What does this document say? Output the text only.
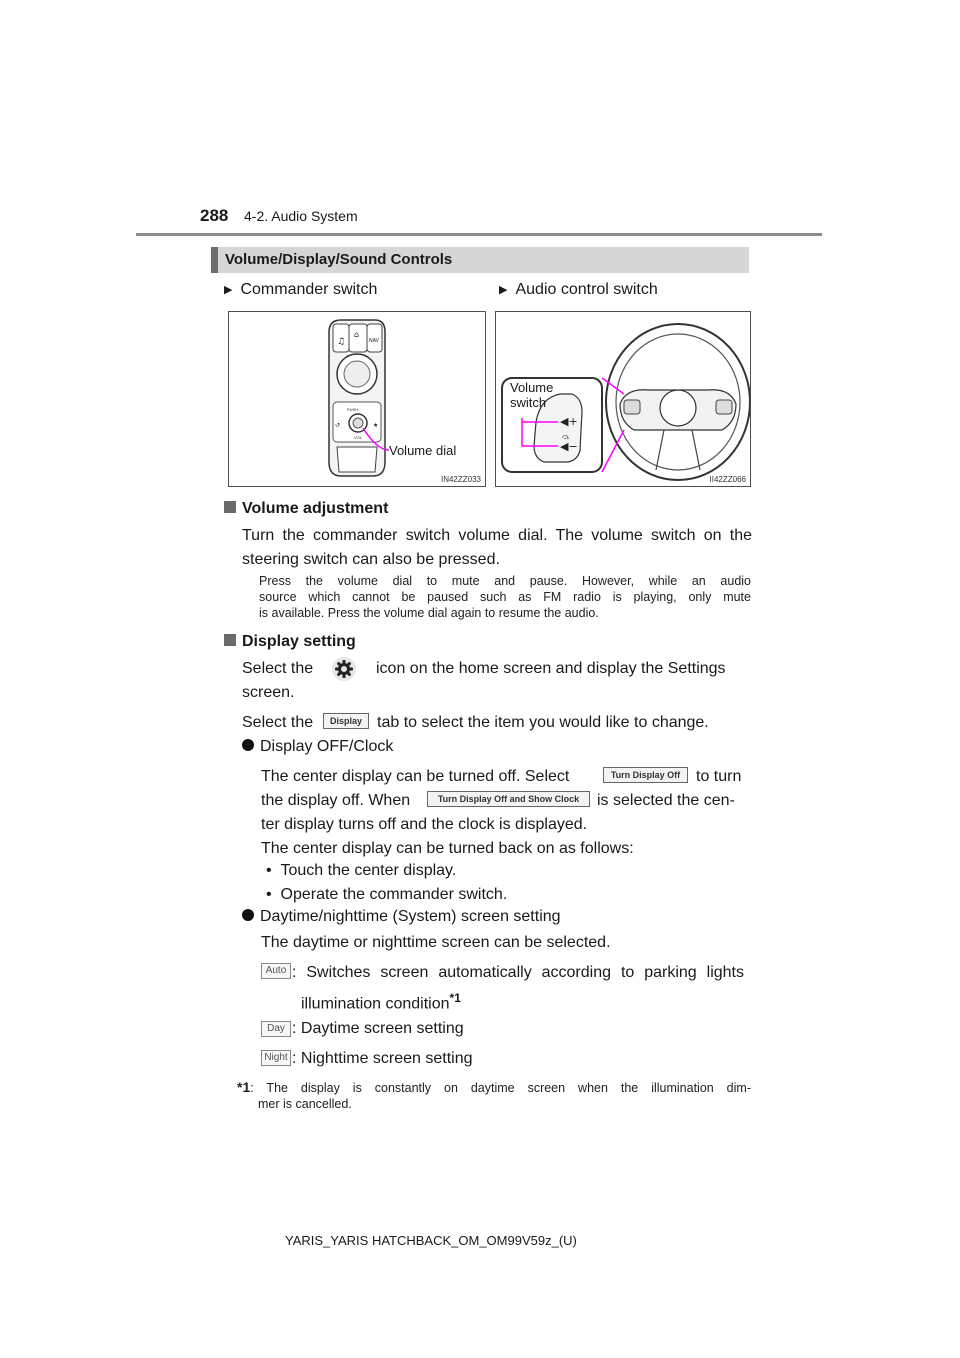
288 4-2. Audio System
Volume/Display/Sound Controls
▶ Commander switch	▶ Audio control switch
♫
⌂
NAV
PUSH
VOL
↺	★
Volume dial
IN42ZZ033
◀+
⤼
◀−
Volume
switch
II42ZZ066
Volume adjustment
Turn the commander switch volume dial. The volume switch on the
steering switch can also be pressed.
Press the volume dial to mute and pause. However, while an audio
source which cannot be paused such as FM radio is playing, only mute
is available. Press the volume dial again to resume the audio.
Display setting
Select the	icon on the home screen and display the Settings
screen.
Select the	Display tab to select the item you would like to change.
Display OFF/Clock
The center display can be turned off. Select	Turn Display Off to turn
the display off. When	Turn Display Off and Show Clock	is selected the cen-
ter display turns off and the clock is displayed.
The center display can be turned back on as follows:
•  Touch the center display.
•  Operate the commander switch.
Daytime/nighttime (System) screen setting
The daytime or nighttime screen can be selected.
Auto : Switches screen automatically according to parking lights
illumination condition$^{*1}$
Day : Daytime screen setting
Night : Nighttime screen setting
*1: The display is constantly on daytime screen when the illumination dim-
mer is cancelled.
YARIS_YARIS HATCHBACK_OM_OM99V59z_(U)
